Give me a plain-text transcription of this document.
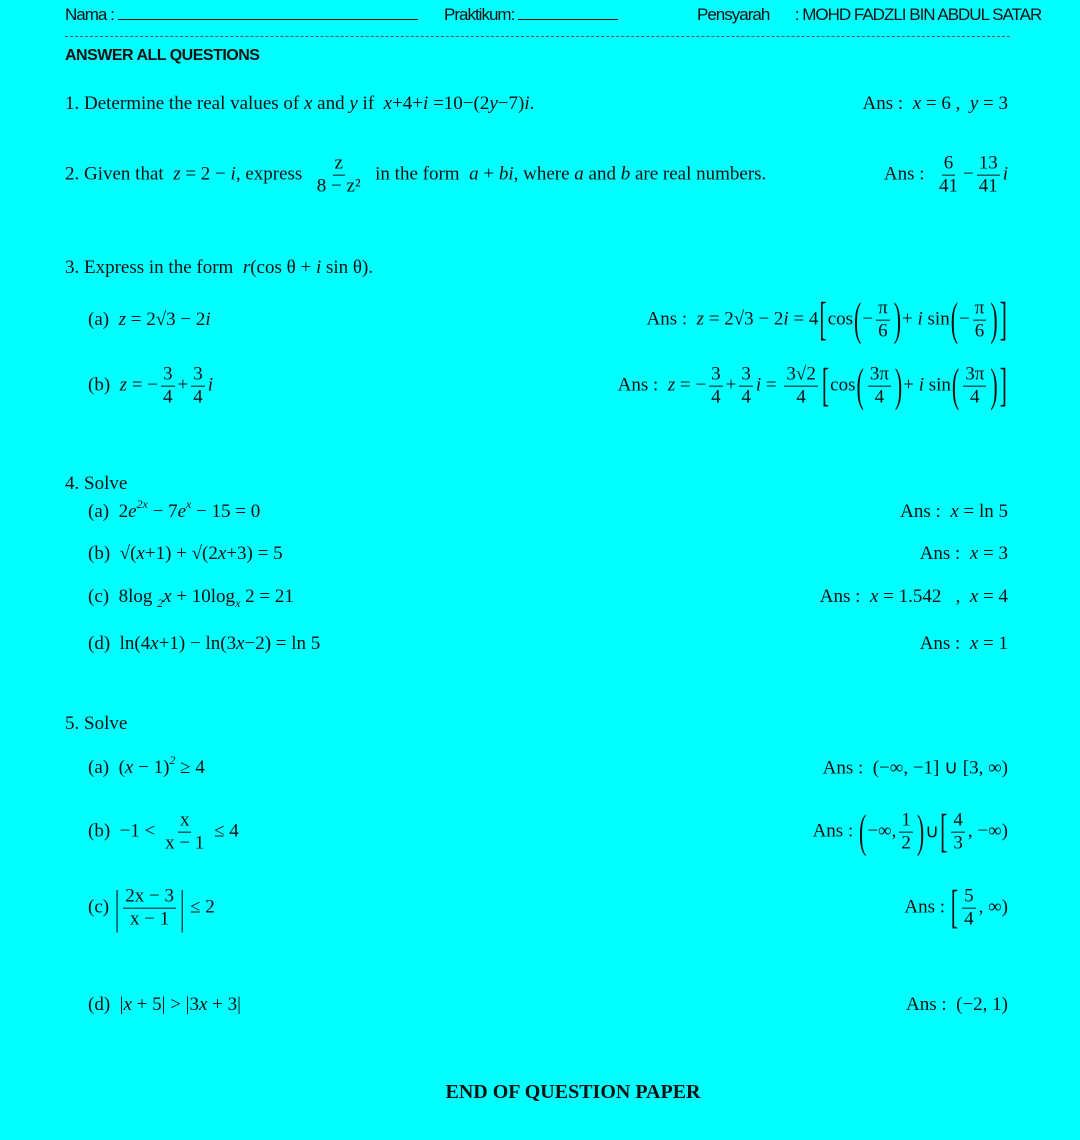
Nama :	Praktikum:	Pensyarah : MOHD FADZLI BIN ABDUL SATAR
ANSWER ALL QUESTIONS
1. Determine the real values of x and y if x +4+ i =10−(2 y −7) i .	Ans : x = 6 , y = 3
2. Given that z = 2 − i , express $\frac{z}{\text{8 − z²}}$ in the form a + bi , where a and b are real numbers.	Ans : $\frac{6}{41} - \frac{13}{41}$ i
3. Express in the form r (cos θ + i sin θ).
(a) z = 2√3 − 2 i	Ans : z = 2√3 − 2 i = 4 [ cos ( − $\frac{\pi}{6}$ ) + i sin ( − $\frac{\pi}{6}$ ) ]
(b) z = − $\frac{3}{4} + \frac{3}{4}$ i	Ans : z = − $\frac{3}{4} + \frac{3}{4}$ $i = \frac{3√2}{4}$ [ cos ( $\frac{3\pi}{4}$ ) + i sin ( $\frac{3\pi}{4}$ ) ]
4. Solve
(a)  2 e 2x − 7 e x − 15 = 0	Ans : x = ln 5
(b)  √( x +1) + √(2 x +3) = 5	Ans : x = 3
(c)  8log 2 x + 10log x 2 = 21	Ans : x = 1.542   , x = 4
(d)  ln(4 x +1) − ln(3 x −2) = ln 5	Ans : x = 1
5. Solve
(a)  ( x − 1) 2 ≥ 4	Ans :  (−∞, −1] ∪ [3, ∞)
$(b) -1 < \frac{x}{x - 1} \le 4$	Ans : ( −∞, $\frac{1}{2}$ ) ∪ [ $\frac{4}{3}$ , −∞)
(c) | $\frac{2x - 3}{x - 1}$ | ≤ 2	Ans : [ $\frac{5}{4}$ , ∞)
(d)  | x + 5| > |3 x + 3|	Ans :  (−2, 1)
END OF QUESTION PAPER
